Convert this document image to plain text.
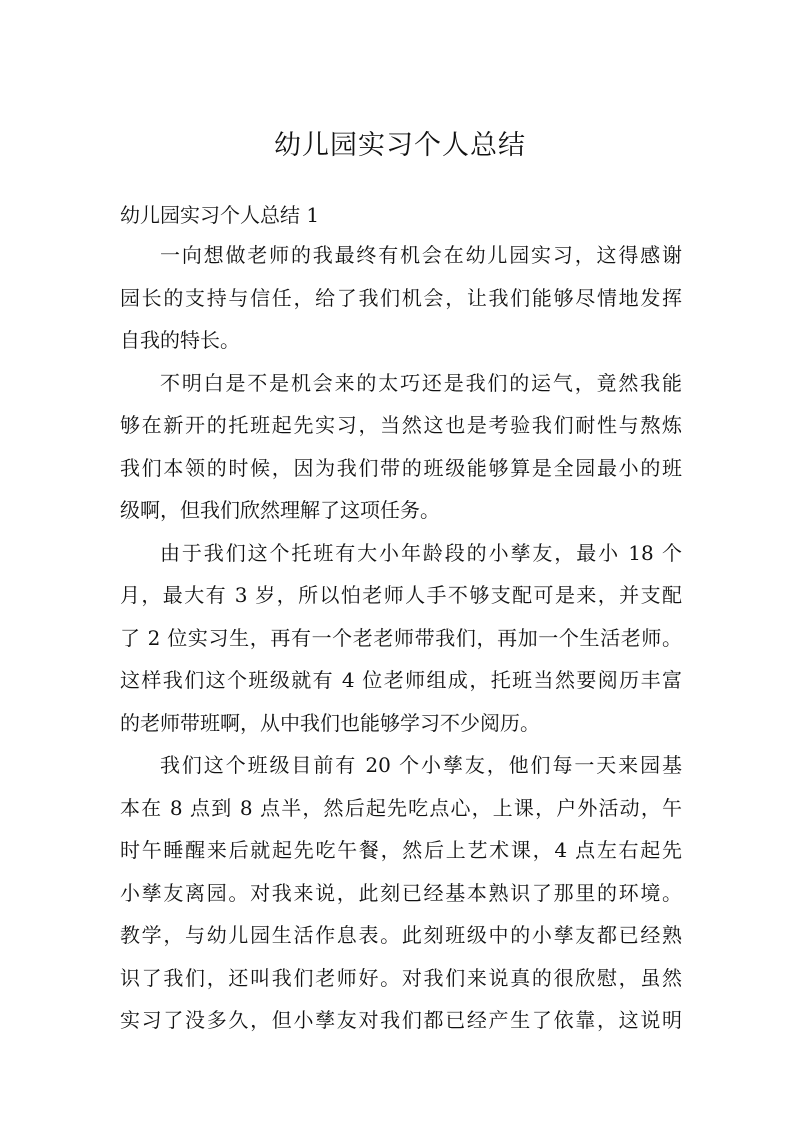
幼儿园实习个人总结
幼儿园实习个人总结 1
一向想做老师的我最终有机会在幼儿园实习，这得感谢
园长的支持与信任，给了我们机会，让我们能够尽情地发挥
自我的特长。
不明白是不是机会来的太巧还是我们的运气，竟然我能
够在新开的托班起先实习，当然这也是考验我们耐性与熬炼
我们本领的时候，因为我们带的班级能够算是全园最小的班
级啊，但我们欣然理解了这项任务。
由于我们这个托班有大小年龄段的小孳友，最小 18 个
月，最大有 3 岁，所以怕老师人手不够支配可是来，并支配
了 2 位实习生，再有一个老老师带我们，再加一个生活老师。
这样我们这个班级就有 4 位老师组成，托班当然要阅历丰富
的老师带班啊，从中我们也能够学习不少阅历。
我们这个班级目前有 20 个小孳友，他们每一天来园基
本在 8 点到 8 点半，然后起先吃点心，上课，户外活动，午
时午睡醒来后就起先吃午餐，然后上艺术课，4 点左右起先
小孳友离园。对我来说，此刻已经基本熟识了那里的环境。
教学，与幼儿园生活作息表。此刻班级中的小孳友都已经熟
识了我们，还叫我们老师好。对我们来说真的很欣慰，虽然
实习了没多久，但小孳友对我们都已经产生了依靠，这说明
